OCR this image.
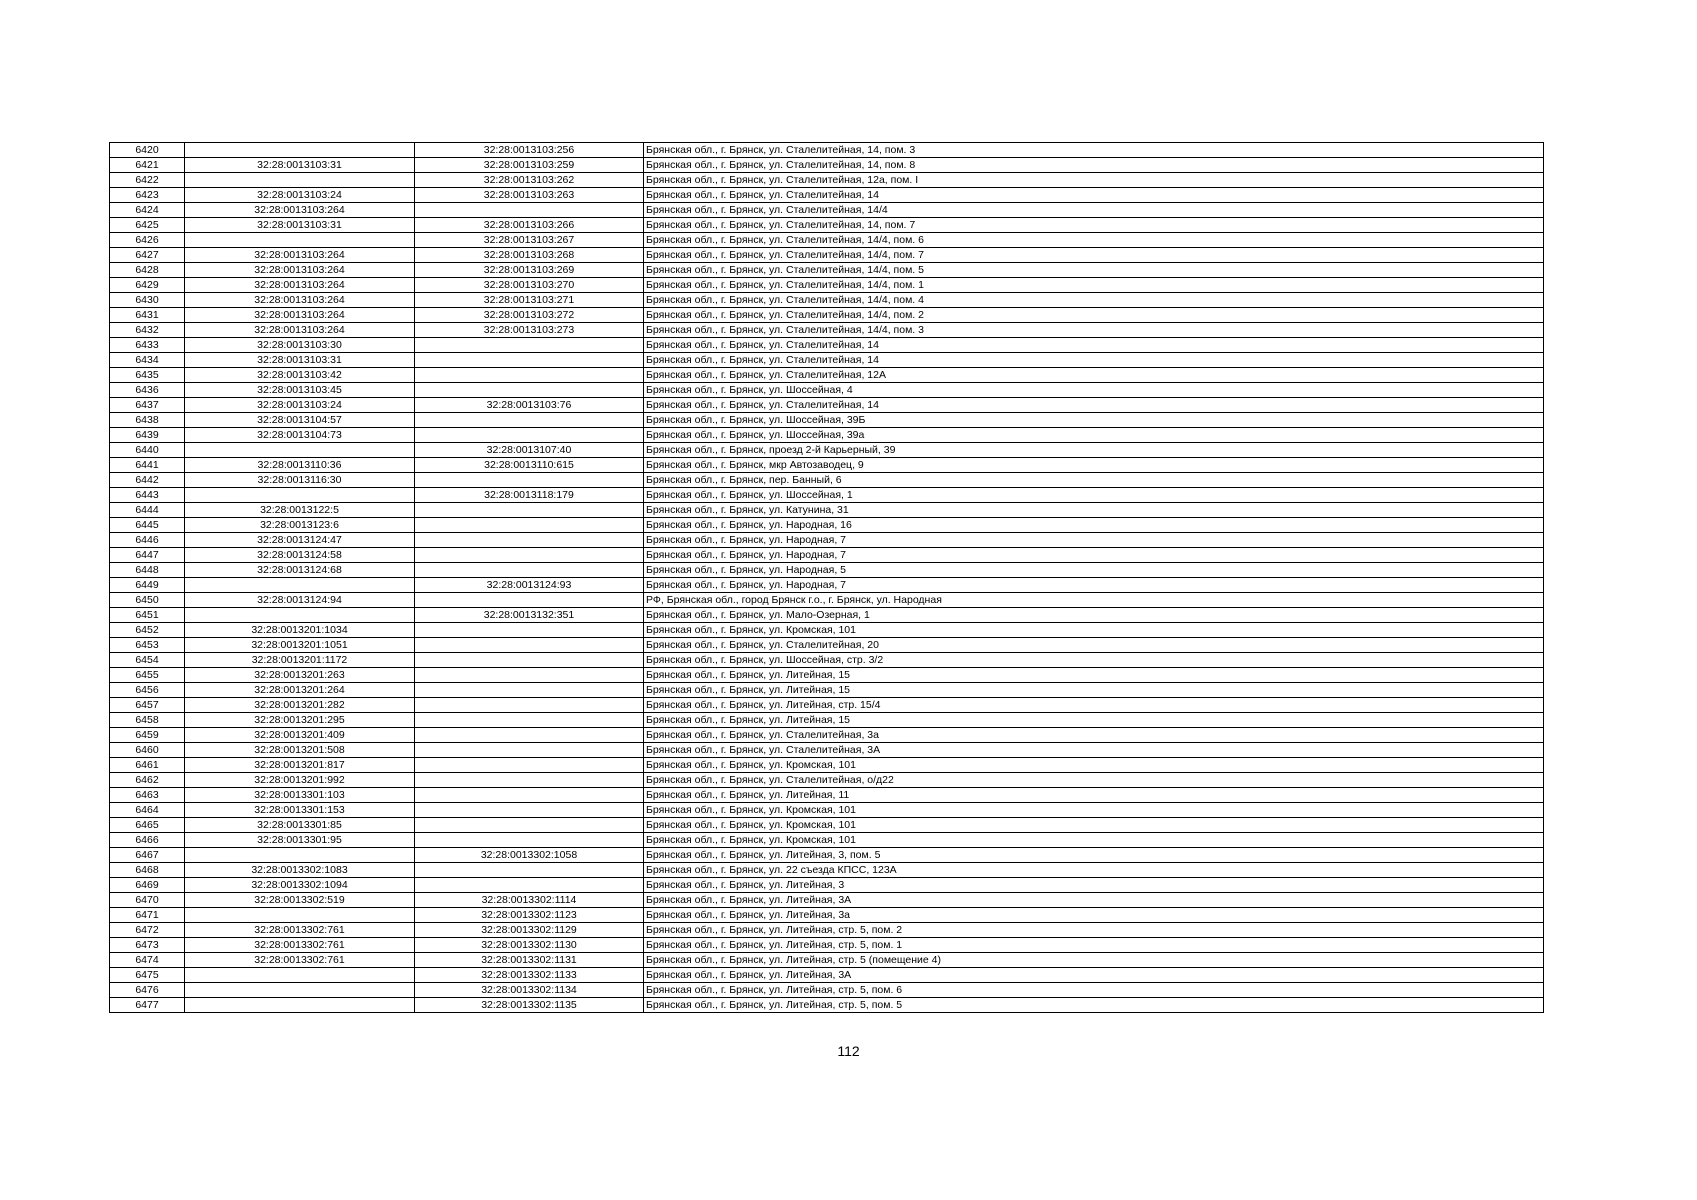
6420		32:28:0013103:256	Брянская обл., г. Брянск, ул. Сталелитейная, 14, пом. 3
6421	32:28:0013103:31	32:28:0013103:259	Брянская обл., г. Брянск, ул. Сталелитейная, 14, пом. 8
6422		32:28:0013103:262	Брянская обл., г. Брянск, ул. Сталелитейная, 12а, пом. I
6423	32:28:0013103:24	32:28:0013103:263	Брянская обл., г. Брянск, ул. Сталелитейная, 14
6424	32:28:0013103:264		Брянская обл., г. Брянск, ул. Сталелитейная, 14/4
6425	32:28:0013103:31	32:28:0013103:266	Брянская обл., г. Брянск, ул. Сталелитейная, 14, пом. 7
6426		32:28:0013103:267	Брянская обл., г. Брянск, ул. Сталелитейная, 14/4, пом. 6
6427	32:28:0013103:264	32:28:0013103:268	Брянская обл., г. Брянск, ул. Сталелитейная, 14/4, пом. 7
6428	32:28:0013103:264	32:28:0013103:269	Брянская обл., г. Брянск, ул. Сталелитейная, 14/4, пом. 5
6429	32:28:0013103:264	32:28:0013103:270	Брянская обл., г. Брянск, ул. Сталелитейная, 14/4, пом. 1
6430	32:28:0013103:264	32:28:0013103:271	Брянская обл., г. Брянск, ул. Сталелитейная, 14/4, пом. 4
6431	32:28:0013103:264	32:28:0013103:272	Брянская обл., г. Брянск, ул. Сталелитейная, 14/4, пом. 2
6432	32:28:0013103:264	32:28:0013103:273	Брянская обл., г. Брянск, ул. Сталелитейная, 14/4, пом. 3
6433	32:28:0013103:30		Брянская обл., г. Брянск, ул. Сталелитейная, 14
6434	32:28:0013103:31		Брянская обл., г. Брянск, ул. Сталелитейная, 14
6435	32:28:0013103:42		Брянская обл., г. Брянск, ул. Сталелитейная, 12А
6436	32:28:0013103:45		Брянская обл., г. Брянск, ул. Шоссейная, 4
6437	32:28:0013103:24	32:28:0013103:76	Брянская обл., г. Брянск, ул. Сталелитейная, 14
6438	32:28:0013104:57		Брянская обл., г. Брянск, ул. Шоссейная, 39Б
6439	32:28:0013104:73		Брянская обл., г. Брянск, ул. Шоссейная, 39а
6440		32:28:0013107:40	Брянская обл., г. Брянск, проезд 2-й Карьерный, 39
6441	32:28:0013110:36	32:28:0013110:615	Брянская обл., г. Брянск, мкр Автозаводец, 9
6442	32:28:0013116:30		Брянская обл., г. Брянск, пер. Банный, 6
6443		32:28:0013118:179	Брянская обл., г. Брянск, ул. Шоссейная, 1
6444	32:28:0013122:5		Брянская обл., г. Брянск, ул. Катунина, 31
6445	32:28:0013123:6		Брянская обл., г. Брянск, ул. Народная, 16
6446	32:28:0013124:47		Брянская обл., г. Брянск, ул. Народная, 7
6447	32:28:0013124:58		Брянская обл., г. Брянск, ул. Народная, 7
6448	32:28:0013124:68		Брянская обл., г. Брянск, ул. Народная, 5
6449		32:28:0013124:93	Брянская обл., г. Брянск, ул. Народная, 7
6450	32:28:0013124:94		РФ, Брянская обл., город Брянск г.о., г. Брянск, ул. Народная
6451		32:28:0013132:351	Брянская обл., г. Брянск, ул. Мало-Озерная, 1
6452	32:28:0013201:1034		Брянская обл., г. Брянск, ул. Кромская, 101
6453	32:28:0013201:1051		Брянская обл., г. Брянск, ул. Сталелитейная, 20
6454	32:28:0013201:1172		Брянская обл., г. Брянск, ул. Шоссейная, стр. 3/2
6455	32:28:0013201:263		Брянская обл., г. Брянск, ул. Литейная, 15
6456	32:28:0013201:264		Брянская обл., г. Брянск, ул. Литейная, 15
6457	32:28:0013201:282		Брянская обл., г. Брянск, ул. Литейная, стр. 15/4
6458	32:28:0013201:295		Брянская обл., г. Брянск, ул. Литейная, 15
6459	32:28:0013201:409		Брянская обл., г. Брянск, ул. Сталелитейная, 3а
6460	32:28:0013201:508		Брянская обл., г. Брянск, ул. Сталелитейная, 3А
6461	32:28:0013201:817		Брянская обл., г. Брянск, ул. Кромская, 101
6462	32:28:0013201:992		Брянская обл., г. Брянск, ул. Сталелитейная, о/д22
6463	32:28:0013301:103		Брянская обл., г. Брянск, ул. Литейная, 11
6464	32:28:0013301:153		Брянская обл., г. Брянск, ул. Кромская, 101
6465	32:28:0013301:85		Брянская обл., г. Брянск, ул. Кромская, 101
6466	32:28:0013301:95		Брянская обл., г. Брянск, ул. Кромская, 101
6467		32:28:0013302:1058	Брянская обл., г. Брянск, ул. Литейная, 3, пом. 5
6468	32:28:0013302:1083		Брянская обл., г. Брянск, ул. 22 съезда КПСС, 123А
6469	32:28:0013302:1094		Брянская обл., г. Брянск, ул. Литейная, 3
6470	32:28:0013302:519	32:28:0013302:1114	Брянская обл., г. Брянск, ул. Литейная, 3А
6471		32:28:0013302:1123	Брянская обл., г. Брянск, ул. Литейная, 3а
6472	32:28:0013302:761	32:28:0013302:1129	Брянская обл., г. Брянск, ул. Литейная, стр. 5, пом. 2
6473	32:28:0013302:761	32:28:0013302:1130	Брянская обл., г. Брянск, ул. Литейная, стр. 5, пом. 1
6474	32:28:0013302:761	32:28:0013302:1131	Брянская обл., г. Брянск, ул. Литейная, стр. 5 (помещение 4)
6475		32:28:0013302:1133	Брянская обл., г. Брянск, ул. Литейная, 3А
6476		32:28:0013302:1134	Брянская обл., г. Брянск, ул. Литейная, стр. 5, пом. 6
6477		32:28:0013302:1135	Брянская обл., г. Брянск, ул. Литейная, стр. 5, пом. 5
112
